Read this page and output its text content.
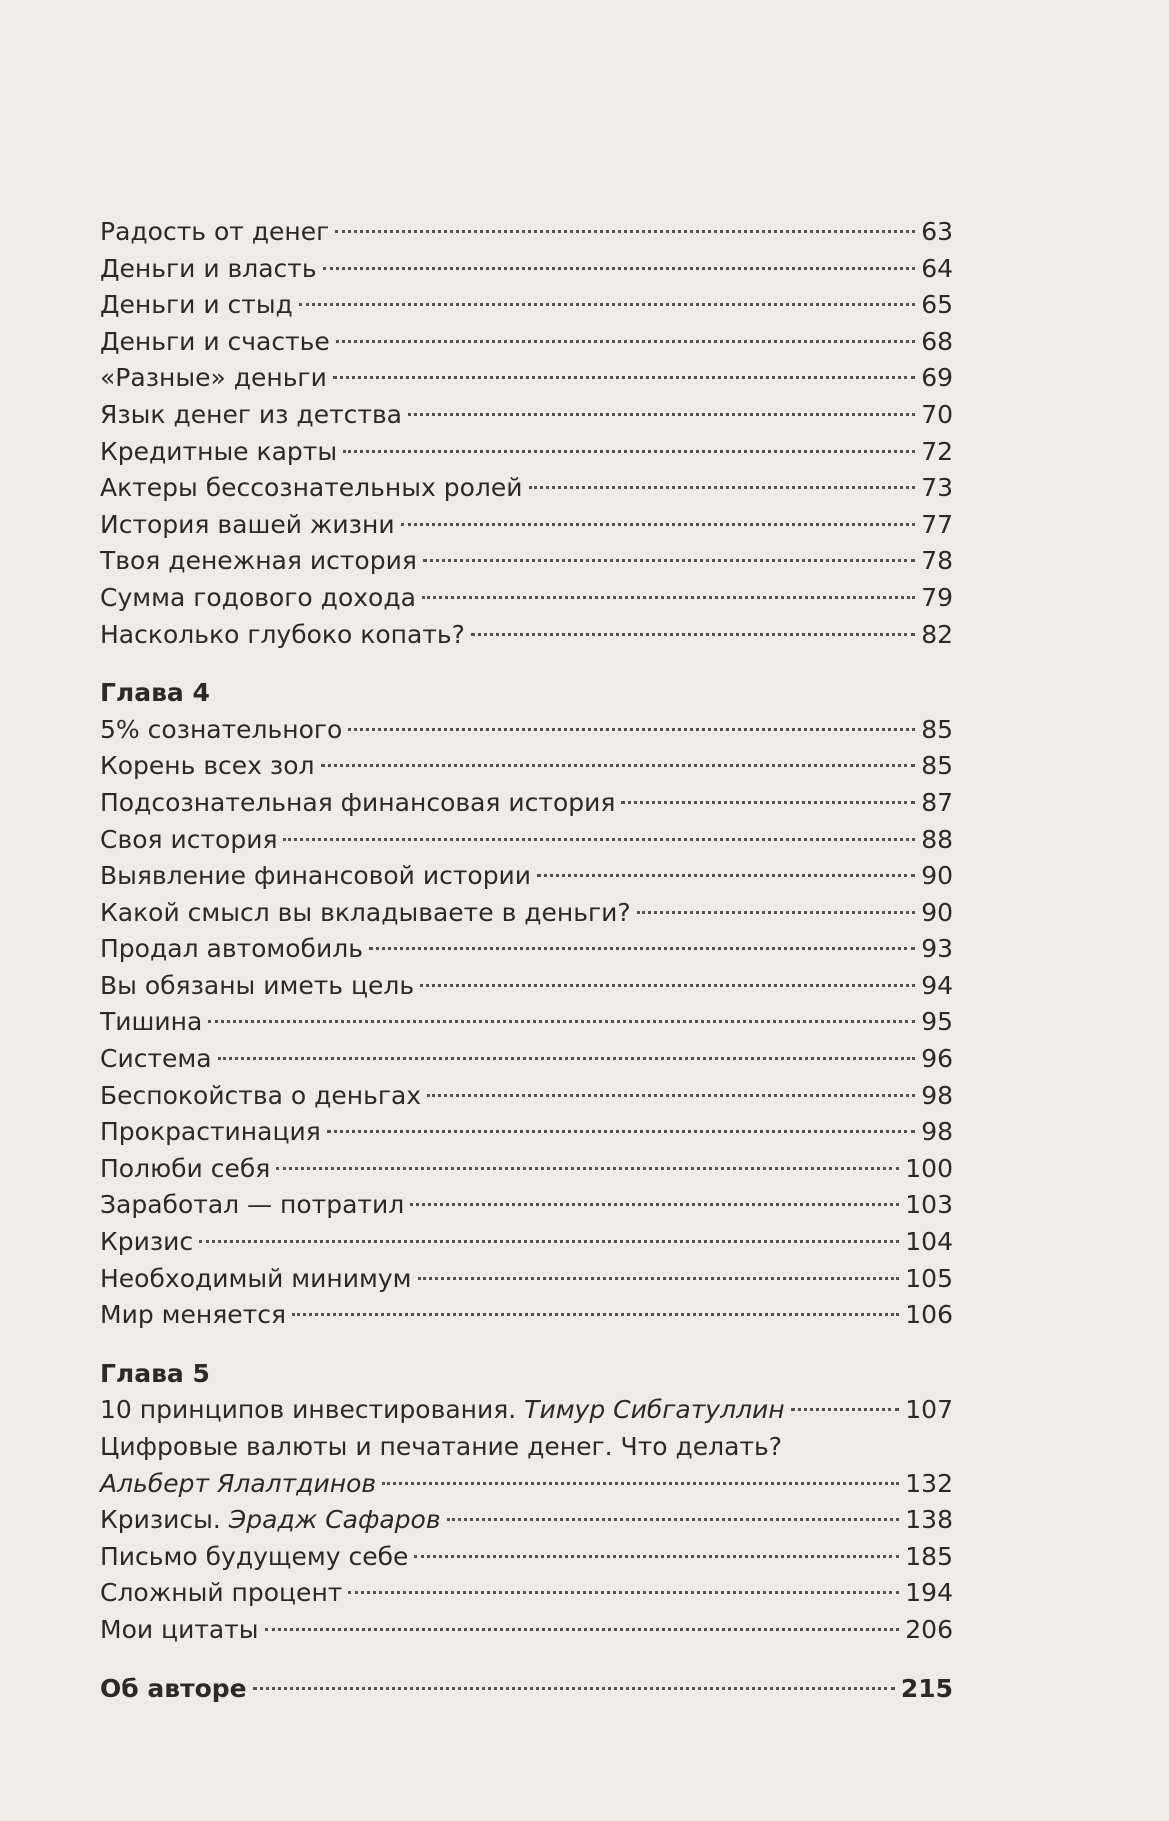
Радость от денег	63
Деньги и власть	64
Деньги и стыд	65
Деньги и счастье	68
«Разные» деньги	69
Язык денег из детства	70
Кредитные карты	72
Актеры бессознательных ролей	73
История вашей жизни	77
Твоя денежная история	78
Сумма годового дохода	79
Насколько глубоко копать?	82
Глава 4
5% сознательного	85
Корень всех зол	85
Подсознательная финансовая история	87
Своя история	88
Выявление финансовой истории	90
Какой смысл вы вкладываете в деньги?	90
Продал автомобиль	93
Вы обязаны иметь цель	94
Тишина	95
Система	96
Беспокойства о деньгах	98
Прокрастинация	98
Полюби себя	100
Заработал — потратил	103
Кризис	104
Необходимый минимум	105
Мир меняется	106
Глава 5
10 принципов инвестирования. Тимур Сибгатуллин	107
Цифровые валюты и печатание денег. Что делать?
Альберт Ялалтдинов	132
Кризисы. Эрадж Сафаров	138
Письмо будущему себе	185
Сложный процент	194
Мои цитаты	206
Об авторе	215
